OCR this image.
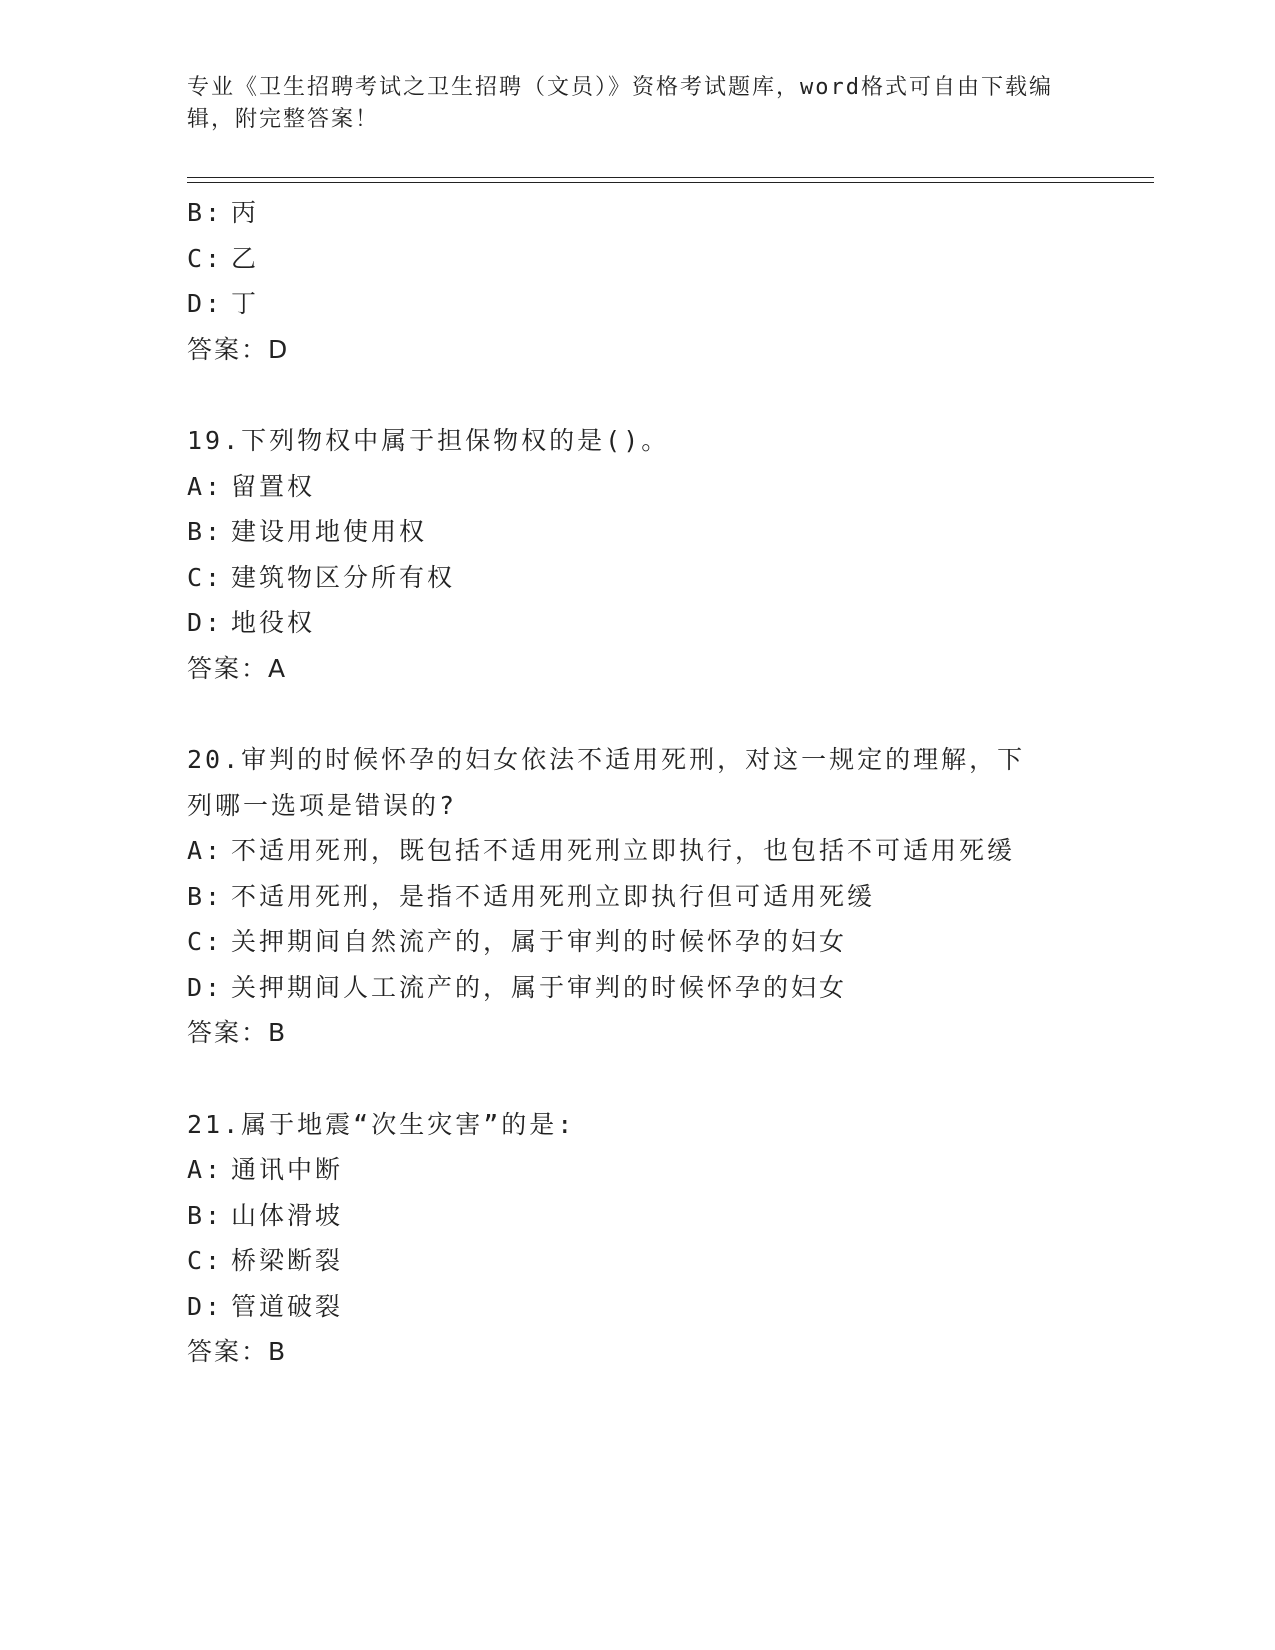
专业《卫生招聘考试之卫生招聘（文员）》资格考试题库，word格式可自由下载编辑，附完整答案！
B: 丙
C: 乙
D: 丁
答案：D
19.下列物权中属于担保物权的是()。
A: 留置权
B: 建设用地使用权
C: 建筑物区分所有权
D: 地役权
答案：A
20.审判的时候怀孕的妇女依法不适用死刑，对这一规定的理解，下列哪一选项是错误的?
A: 不适用死刑，既包括不适用死刑立即执行，也包括不可适用死缓
B: 不适用死刑，是指不适用死刑立即执行但可适用死缓
C: 关押期间自然流产的，属于审判的时候怀孕的妇女
D: 关押期间人工流产的，属于审判的时候怀孕的妇女
答案：B
21.属于地震“次生灾害”的是:
A: 通讯中断
B: 山体滑坡
C: 桥梁断裂
D: 管道破裂
答案：B
